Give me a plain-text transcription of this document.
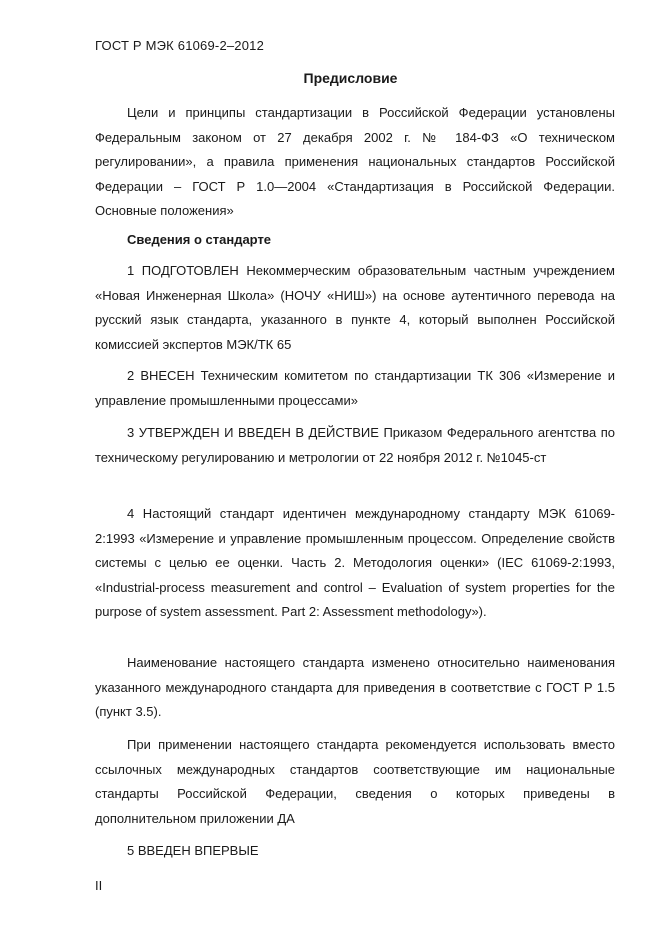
ГОСТ Р МЭК 61069-2–2012
Предисловие
Цели и принципы стандартизации в Российской Федерации установлены Федеральным законом от 27 декабря 2002 г. № 184-ФЗ «О техническом регулировании», а правила применения национальных стандартов Российской Федерации – ГОСТ Р 1.0—2004 «Стандартизация в Российской Федерации. Основные положения»
Сведения о стандарте
1 ПОДГОТОВЛЕН Некоммерческим образовательным частным учреждением «Новая Инженерная Школа» (НОЧУ «НИШ») на основе аутентичного перевода на русский язык стандарта, указанного в пункте 4, который выполнен Российской комиссией экспертов МЭК/ТК 65
2 ВНЕСЕН Техническим комитетом по стандартизации ТК 306 «Измерение и управление промышленными процессами»
3 УТВЕРЖДЕН И ВВЕДЕН В ДЕЙСТВИЕ Приказом Федерального агентства по техническому регулированию и метрологии от 22 ноября 2012 г. №1045-ст
4 Настоящий стандарт идентичен международному стандарту МЭК 61069-2:1993 «Измерение и управление промышленным процессом. Определение свойств системы с целью ее оценки. Часть 2. Методология оценки» (IEC 61069-2:1993, «Industrial-process measurement and control – Evaluation of system properties for the purpose of system assessment. Part 2: Assessment methodology»).
Наименование настоящего стандарта изменено относительно наименования указанного международного стандарта для приведения в соответствие с ГОСТ Р 1.5 (пункт 3.5).
При применении настоящего стандарта рекомендуется использовать вместо ссылочных международных стандартов соответствующие им национальные стандарты Российской Федерации, сведения о которых приведены в дополнительном приложении ДА
5 ВВЕДЕН ВПЕРВЫЕ
II
